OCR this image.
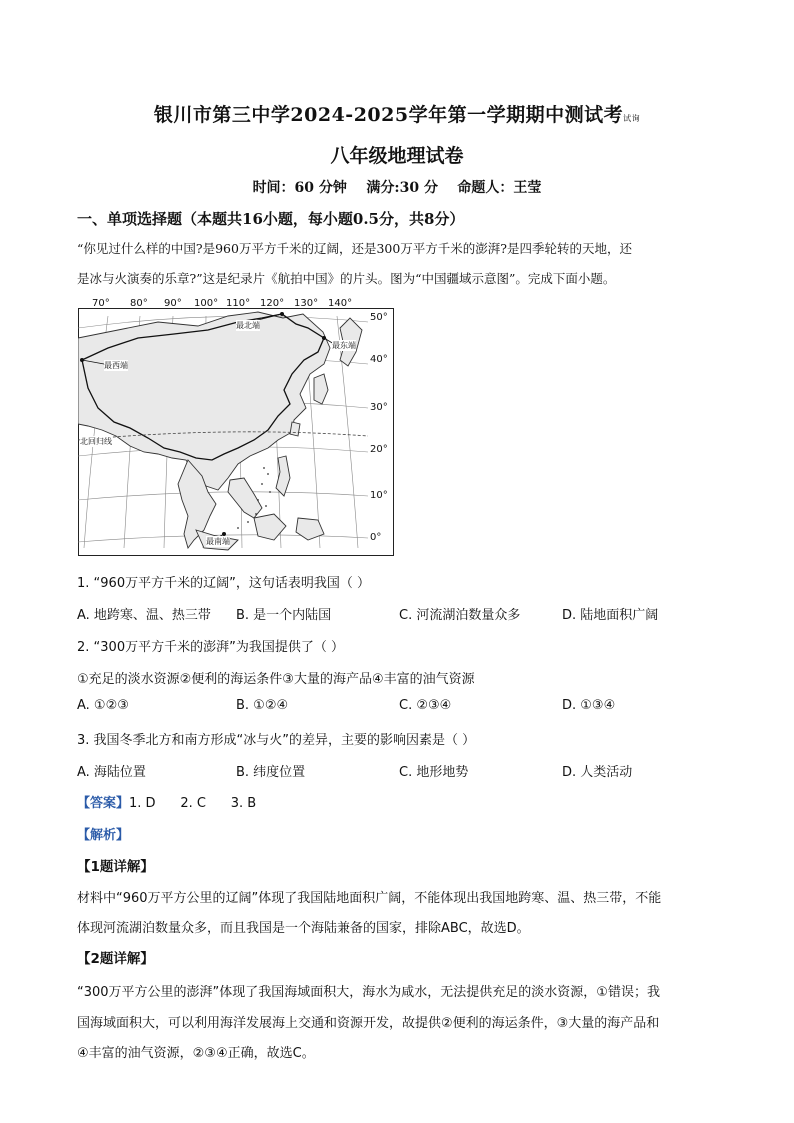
银川市第三中学2024-2025学年第一学期期中测试考试询
八年级地理试卷
时间：60 分钟    满分:30 分    命题人：王莹
一、单项选择题（本题共16小题，每小题0.5分，共8分）
“你见过什么样的中国?是960万平方千米的辽阔，还是300万平方千米的澎湃?是四季轮转的天地，还
是冰与火演奏的乐章?”这是纪录片《航拍中国》的片头。图为“中国疆域示意图”。完成下面小题。
70° 80° 90° 100° 110° 120° 130° 140°
50°
40°
30°
20°
10°
0°
最北端
最东端
最西端
最南端
北回归线
1. “960万平方千米的辽阔”，这句话表明我国（ ）
A. 地跨寒、温、热三带 B. 是一个内陆国	C. 河流湖泊数量众多	D. 陆地面积广阔
2. “300万平方千米的澎湃”为我国提供了（ ）
①充足的淡水资源②便利的海运条件③大量的海产品④丰富的油气资源
A. ①②③	B. ①②④	C. ②③④	D. ①③④
3. 我国冬季北方和南方形成“冰与火”的差异，主要的影响因素是（ ）
A. 海陆位置	B. 纬度位置	C. 地形地势	D. 人类活动
【答案】1. D      2. C      3. B
【解析】
【1题详解】
材料中“960万平方公里的辽阔”体现了我国陆地面积广阔，不能体现出我国地跨寒、温、热三带，不能
体现河流湖泊数量众多，而且我国是一个海陆兼备的国家，排除ABC，故选D。
【2题详解】
“300万平方公里的澎湃”体现了我国海域面积大，海水为咸水，无法提供充足的淡水资源，①错误；我
国海域面积大，可以利用海洋发展海上交通和资源开发，故提供②便利的海运条件，③大量的海产品和
④丰富的油气资源，②③④正确，故选C。
